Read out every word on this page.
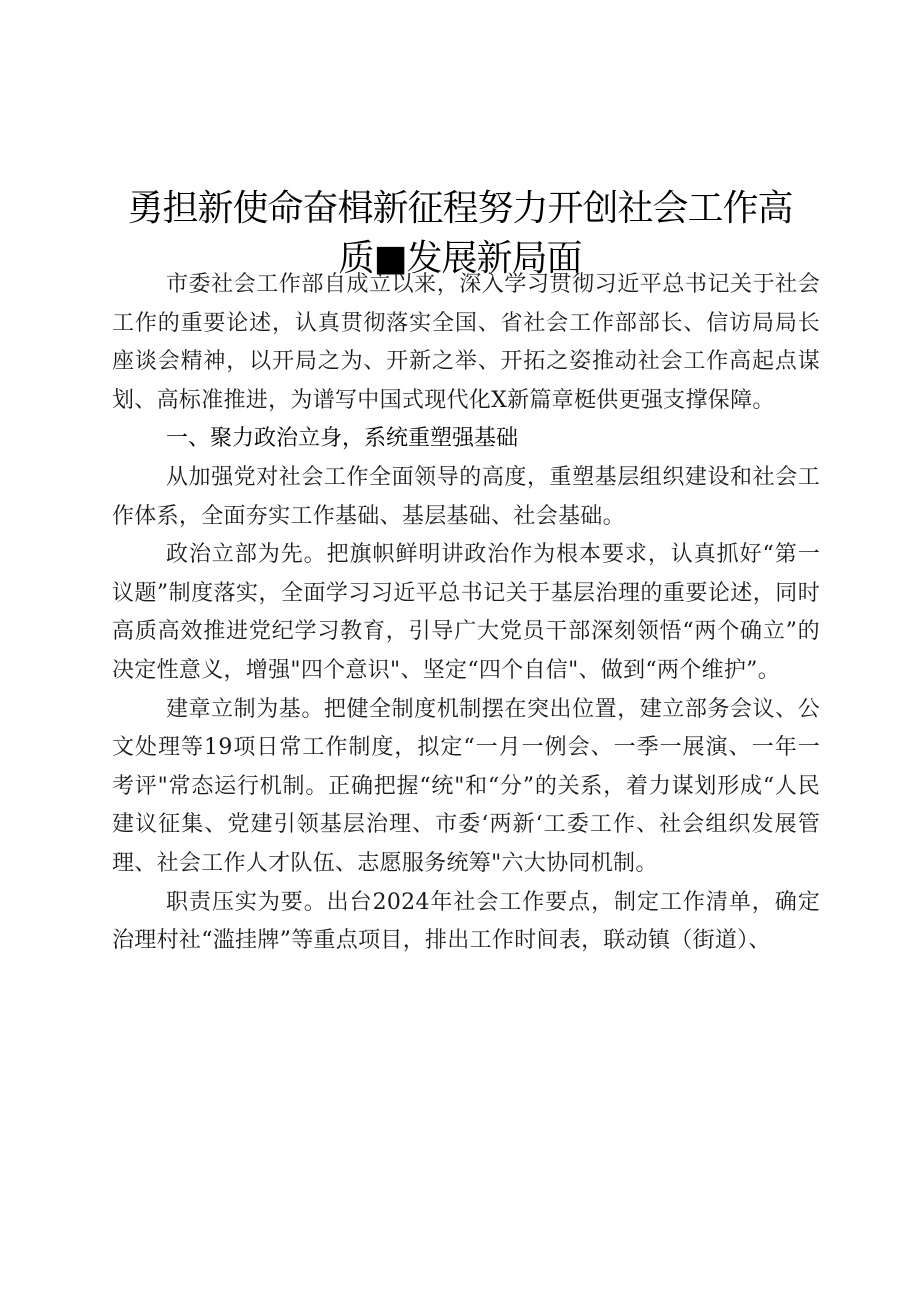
勇担新使命奋楫新征程努力开创社会工作高
质■发展新局面

市委社会工作部自成立以来，深入学习贯彻习近平总书记关于社会工作的重要论述，认真贯彻落实全国、省社会工作部部长、信访局局长座谈会精神，以开局之为、开新之举、开拓之姿推动社会工作高起点谋划、高标准推进，为谱写中国式现代化X新篇章梃供更强支撑保障。

一、聚力政治立身，系统重塑强基础

从加强党对社会工作全面领导的高度，重塑基层组织建设和社会工作体系，全面夯实工作基础、基层基础、社会基础。

政治立部为先。把旗帜鲜明讲政治作为根本要求，认真抓好“第一议题”制度落实，全面学习习近平总书记关于基层治理的重要论述，同时高质高效推进党纪学习教育，引导广大党员干部深刻领悟“两个确立”的决定性意义，增强"四个意识"、坚定“四个自信"、做到“两个维护”。

建章立制为基。把健全制度机制摆在突出位置，建立部务会议、公文处理等19项日常工作制度，拟定“一月一例会、一季一展演、一年一考评"常态运行机制。正确把握“统"和“分”的关系，着力谋划形成“人民建议征集、党建引领基层治理、市委‘两新‘工委工作、社会组织发展管理、社会工作人才队伍、志愿服务统筹"六大协同机制。

职责压实为要。出台2024年社会工作要点，制定工作清单，确定治理村社“滥挂牌”等重点项目，排出工作时间表，联动镇（街道）、
